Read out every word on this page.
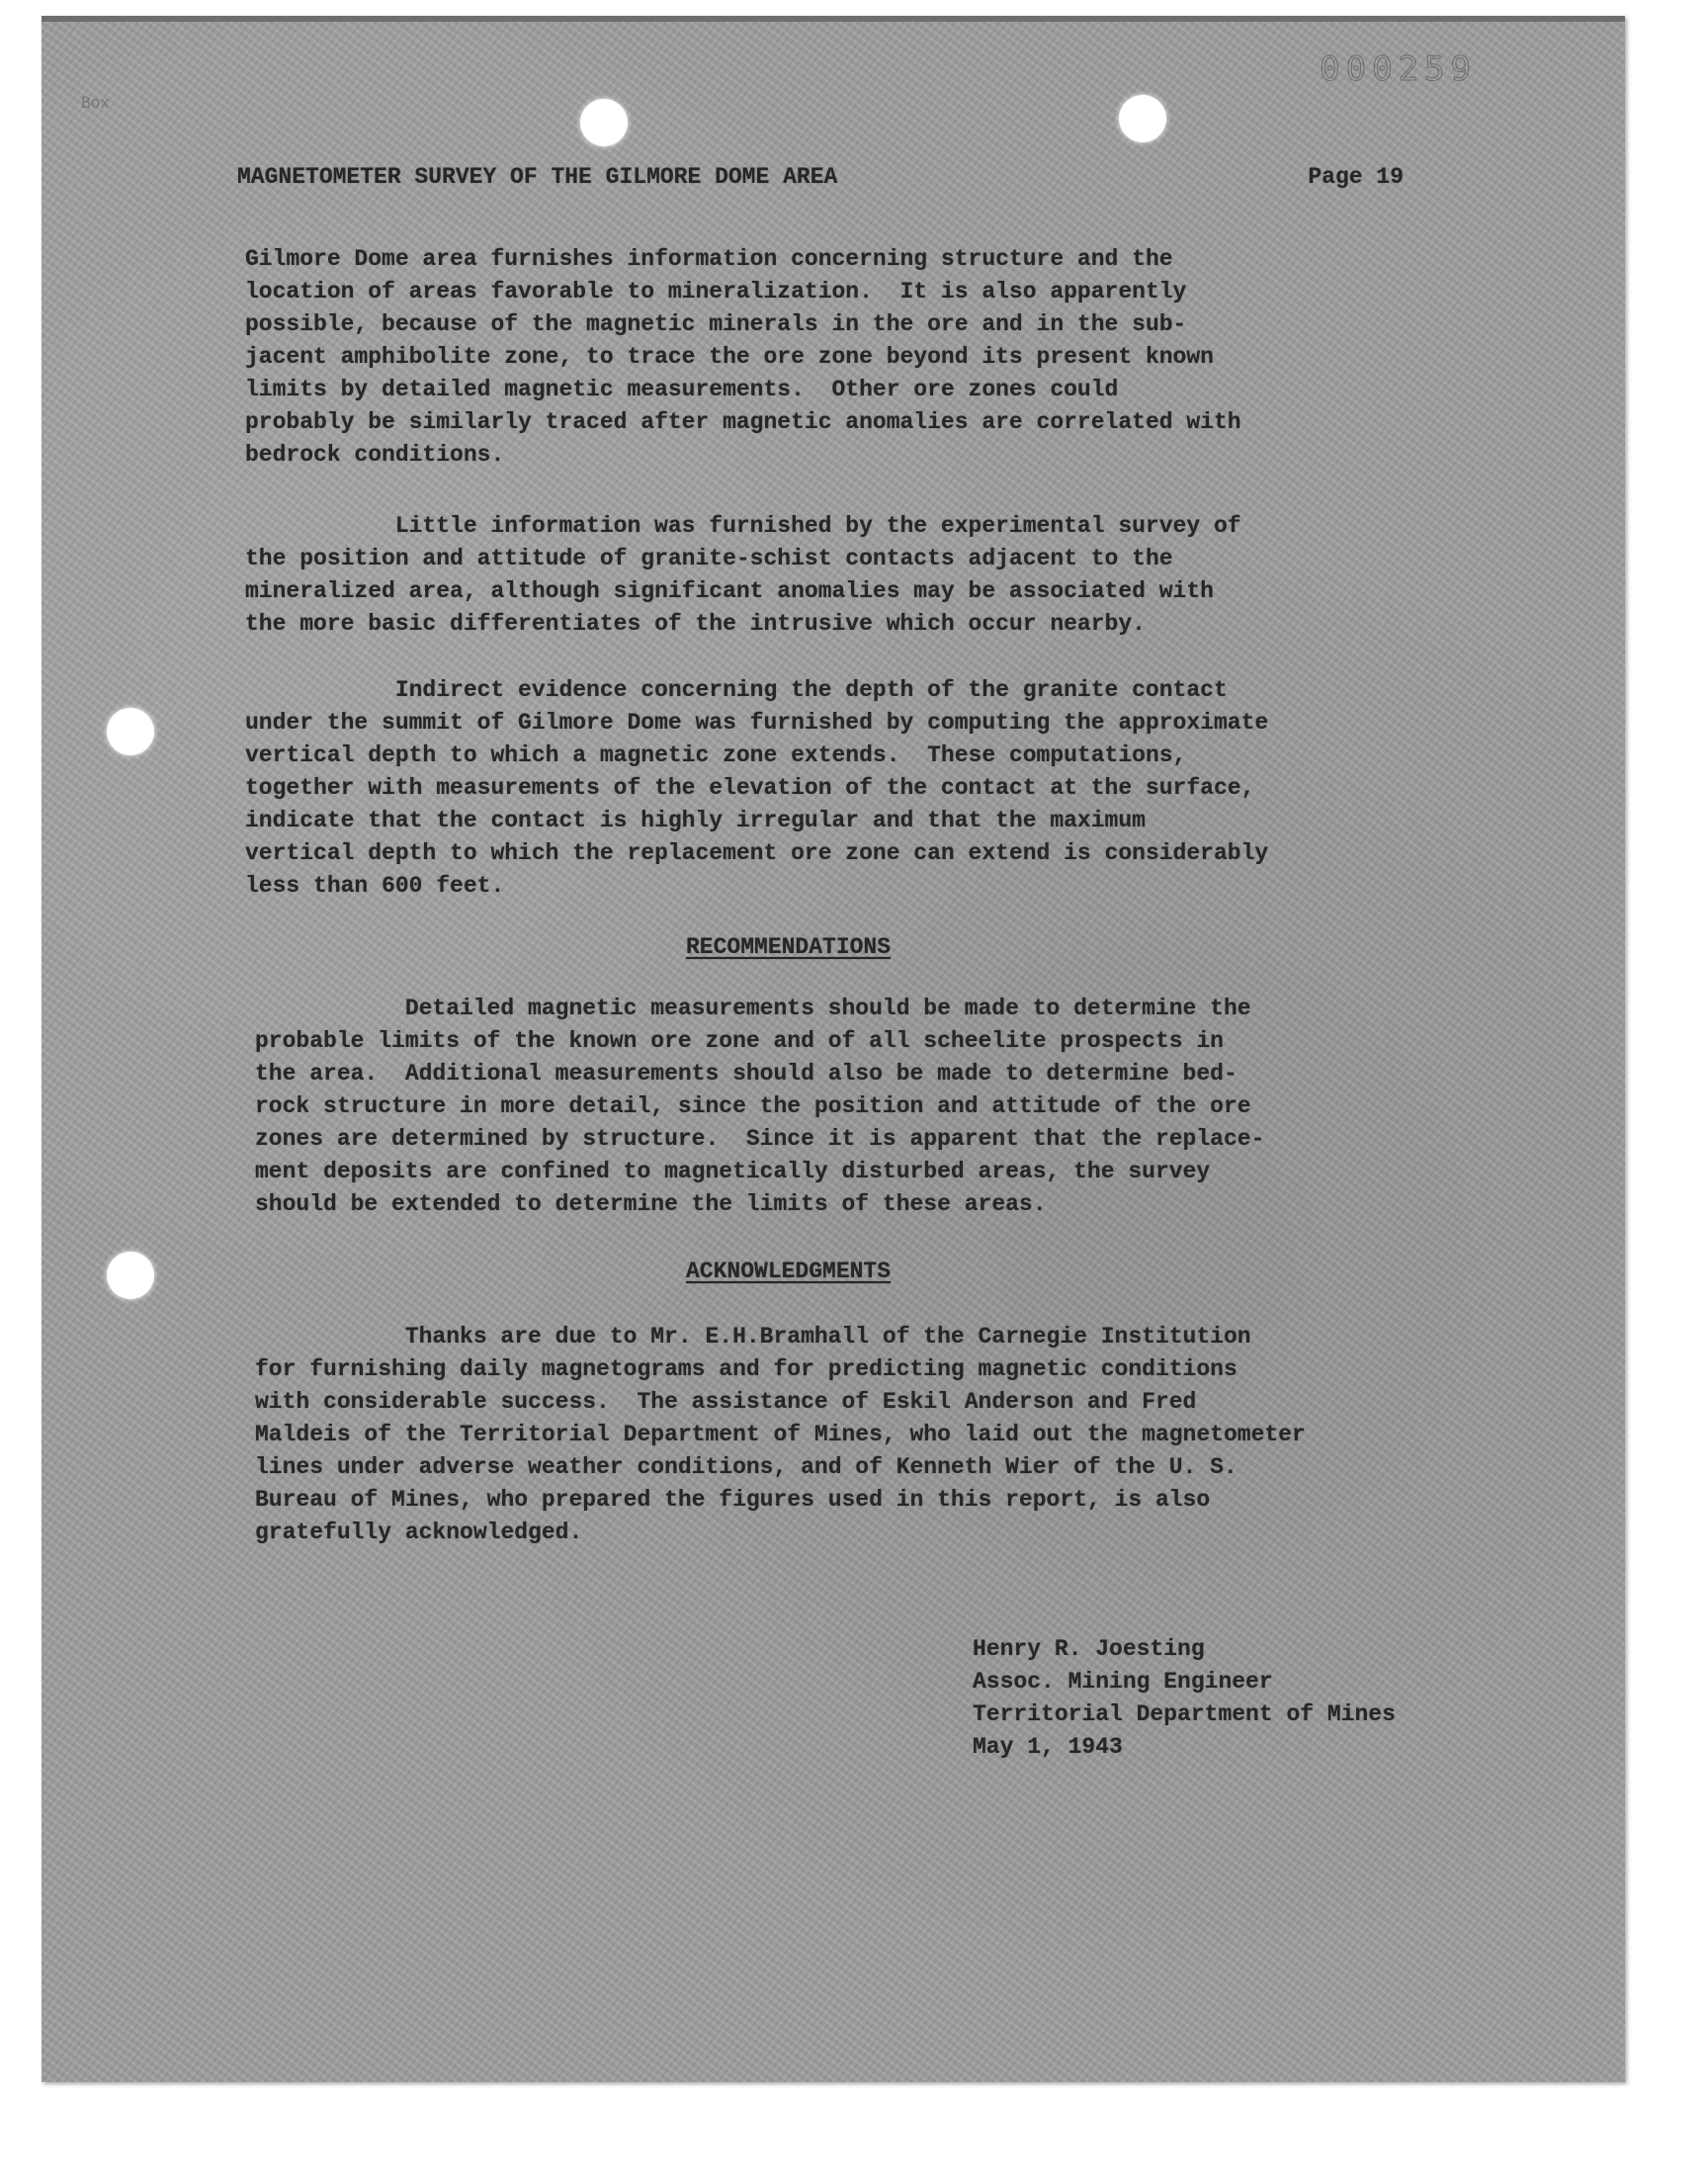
Box
000259
MAGNETOMETER SURVEY OF THE GILMORE DOME AREA	Page 19
Gilmore Dome area furnishes information concerning structure and the
location of areas favorable to mineralization.  It is also apparently
possible, because of the magnetic minerals in the ore and in the sub-
jacent amphibolite zone, to trace the ore zone beyond its present known
limits by detailed magnetic measurements.  Other ore zones could
probably be similarly traced after magnetic anomalies are correlated with
bedrock conditions.
Little information was furnished by the experimental survey of
the position and attitude of granite-schist contacts adjacent to the
mineralized area, although significant anomalies may be associated with
the more basic differentiates of the intrusive which occur nearby.
Indirect evidence concerning the depth of the granite contact
under the summit of Gilmore Dome was furnished by computing the approximate
vertical depth to which a magnetic zone extends.  These computations,
together with measurements of the elevation of the contact at the surface,
indicate that the contact is highly irregular and that the maximum
vertical depth to which the replacement ore zone can extend is considerably
less than 600 feet.
RECOMMENDATIONS
Detailed magnetic measurements should be made to determine the
probable limits of the known ore zone and of all scheelite prospects in
the area.  Additional measurements should also be made to determine bed-
rock structure in more detail, since the position and attitude of the ore
zones are determined by structure.  Since it is apparent that the replace-
ment deposits are confined to magnetically disturbed areas, the survey
should be extended to determine the limits of these areas.
ACKNOWLEDGMENTS
Thanks are due to Mr. E.H.Bramhall of the Carnegie Institution
for furnishing daily magnetograms and for predicting magnetic conditions
with considerable success.  The assistance of Eskil Anderson and Fred
Maldeis of the Territorial Department of Mines, who laid out the magnetometer
lines under adverse weather conditions, and of Kenneth Wier of the U. S.
Bureau of Mines, who prepared the figures used in this report, is also
gratefully acknowledged.
Henry R. Joesting
Assoc. Mining Engineer
Territorial Department of Mines
May 1, 1943
